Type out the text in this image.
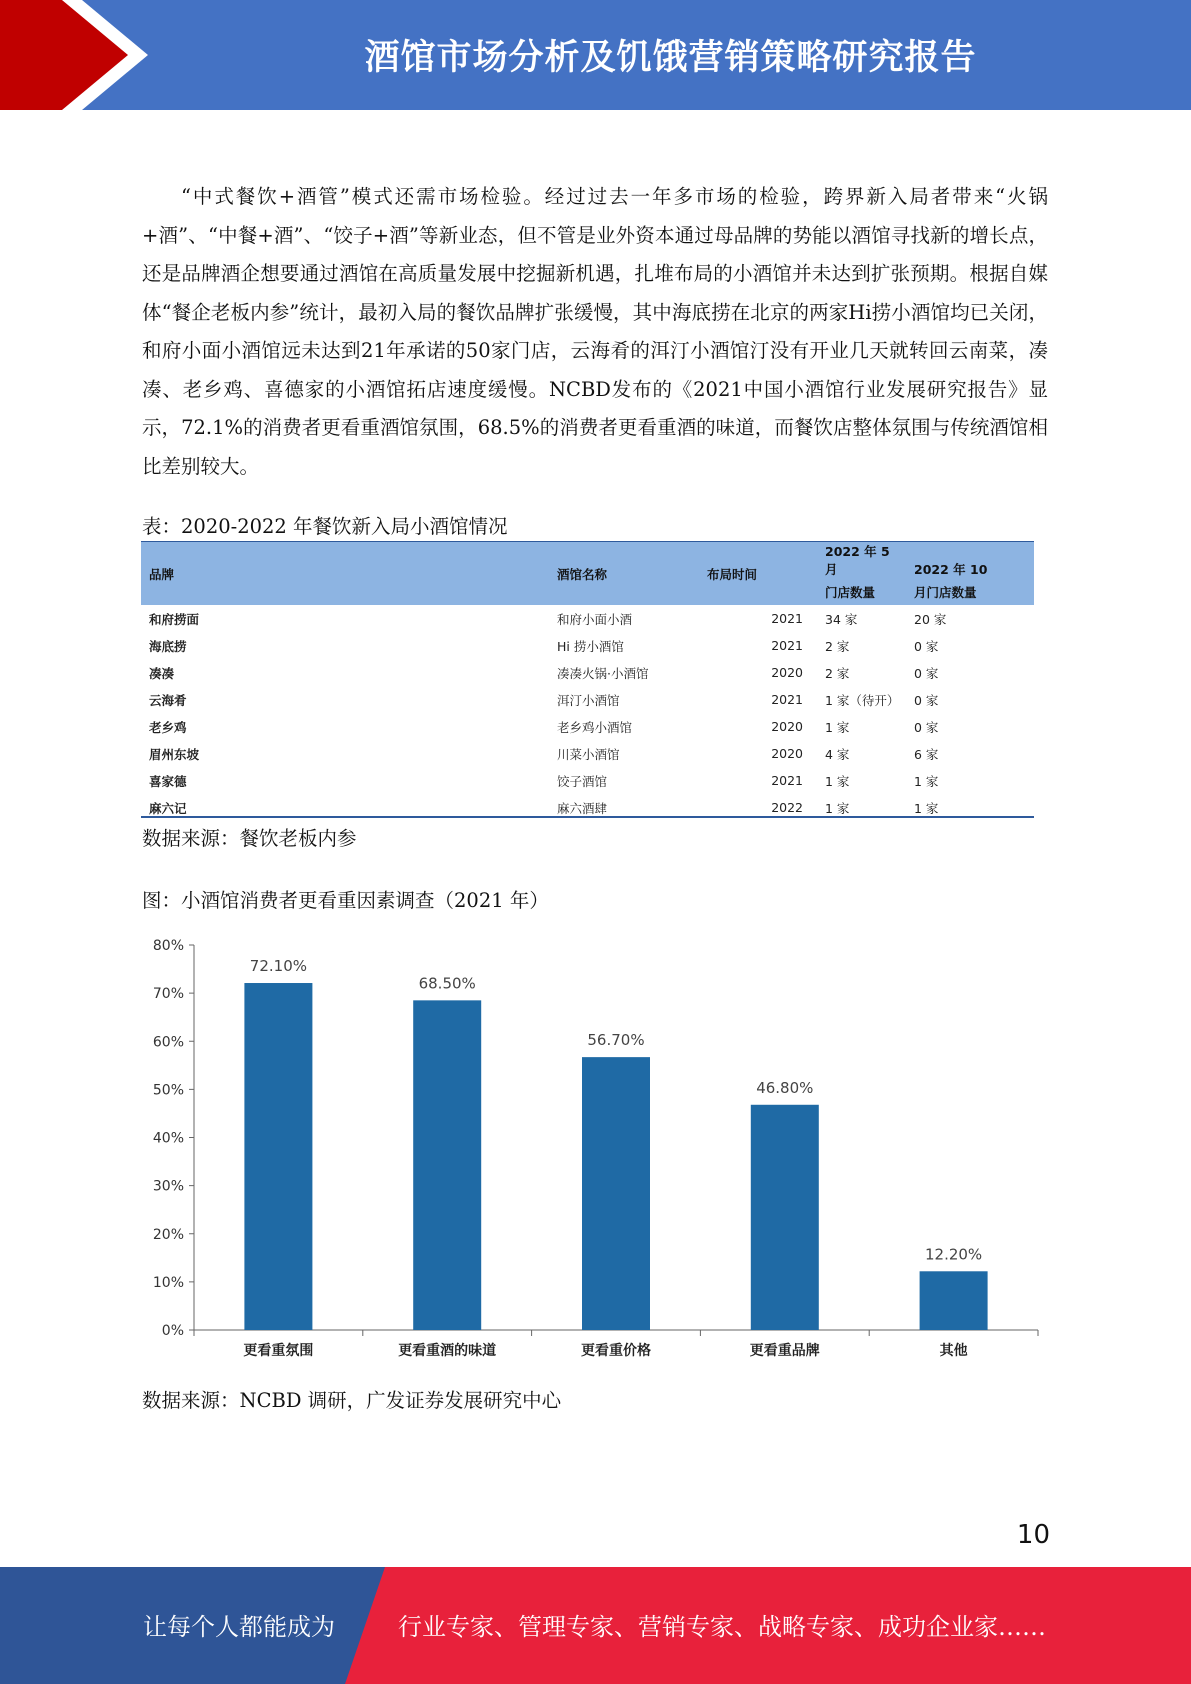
酒馆市场分析及饥饿营销策略研究报告
“中式餐饮+酒管”模式还需市场检验。经过过去一年多市场的检验，跨界新入局者带来“火锅+酒”、“中餐+酒”、“饺子+酒”等新业态，但不管是业外资本通过母品牌的势能以酒馆寻找新的增长点，还是品牌酒企想要通过酒馆在高质量发展中挖掘新机遇，扎堆布局的小酒馆并未达到扩张预期。根据自媒体“餐企老板内参”统计，最初入局的餐饮品牌扩张缓慢，其中海底捞在北京的两家Hi捞小酒馆均已关闭，和府小面小酒馆远未达到21年承诺的50家门店，云海肴的洱汀小酒馆汀没有开业几天就转回云南菜，凑凑、老乡鸡、喜德家的小酒馆拓店速度缓慢。NCBD发布的《2021中国小酒馆行业发展研究报告》显示，72.1%的消费者更看重酒馆氛围，68.5%的消费者更看重酒的味道，而餐饮店整体氛围与传统酒馆相比差别较大。
表：2020-2022 年餐饮新入局小酒馆情况
品牌	酒馆名称	布局时间	2022 年 5 月	2022 年 10
			门店数量	月门店数量
和府捞面	和府小面小酒	2021	34 家	20 家
海底捞	Hi 捞小酒馆	2021	2 家	0 家
凑凑	凑凑火锅·小酒馆	2020	2 家	0 家
云海肴	洱汀小酒馆	2021	1 家（待开）	0 家
老乡鸡	老乡鸡小酒馆	2020	1 家	0 家
眉州东坡	川菜小酒馆	2020	4 家	6 家
喜家德	饺子酒馆	2021	1 家	1 家
麻六记	麻六酒肆	2022	1 家	1 家
数据来源：餐饮老板内参
图：小酒馆消费者更看重因素调查（2021 年）
0%
10%
20%
30%
40%
50%
60%
70%
80%
72.10%
更看重氛围
68.50%
更看重酒的味道
56.70%
更看重价格
46.80%
更看重品牌
12.20%
其他
数据来源：NCBD 调研，广发证券发展研究中心
10
让每个人都能成为	行业专家、管理专家、营销专家、战略专家、成功企业家……
